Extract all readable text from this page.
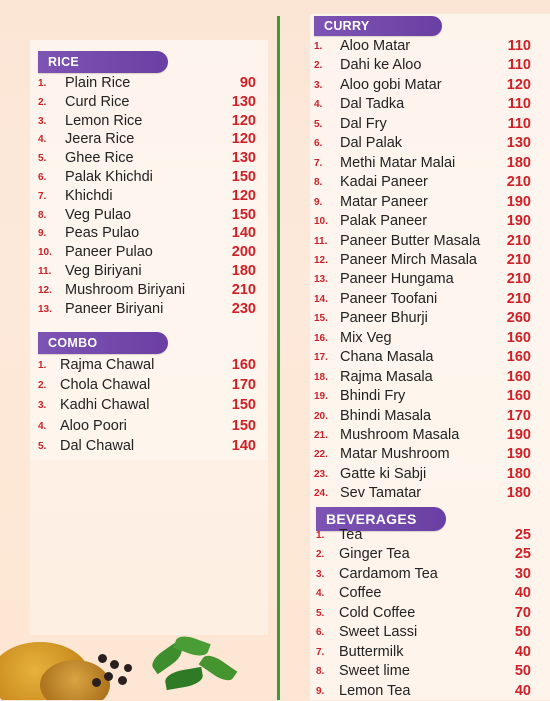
RICE
1. Plain Rice	90
2. Curd Rice	130
3. Lemon Rice	120
4. Jeera Rice	120
5. Ghee Rice	130
6. Palak Khichdi	150
7. Khichdi	120
8. Veg Pulao	150
9. Peas Pulao	140
10. Paneer Pulao	200
11. Veg Biriyani	180
12. Mushroom Biriyani	210
13. Paneer Biriyani	230
COMBO
1. Rajma Chawal	160
2. Chola Chawal	170
3. Kadhi Chawal	150
4. Aloo Poori	150
5. Dal Chawal	140
CURRY
1. Aloo Matar	110
2. Dahi ke Aloo	110
3. Aloo gobi Matar	120
4. Dal Tadka	110
5. Dal Fry	110
6. Dal Palak	130
7. Methi Matar Malai	180
8. Kadai Paneer	210
9. Matar Paneer	190
10. Palak Paneer	190
11. Paneer Butter Masala 210
12. Paneer Mirch Masala 210
13. Paneer Hungama	210
14. Paneer Toofani	210
15. Paneer Bhurji	260
16. Mix Veg	160
17. Chana Masala	160
18. Rajma Masala	160
19. Bhindi Fry	160
20. Bhindi Masala	170
21. Mushroom Masala	190
22. Matar Mushroom	190
23. Gatte ki Sabji	180
24. Sev Tamatar	180
BEVERAGES
1. Tea	25
2. Ginger Tea	25
3. Cardamom Tea	30
4. Coffee	40
5. Cold Coffee	70
6. Sweet Lassi	50
7. Buttermilk	40
8. Sweet lime	50
9. Lemon Tea	40
